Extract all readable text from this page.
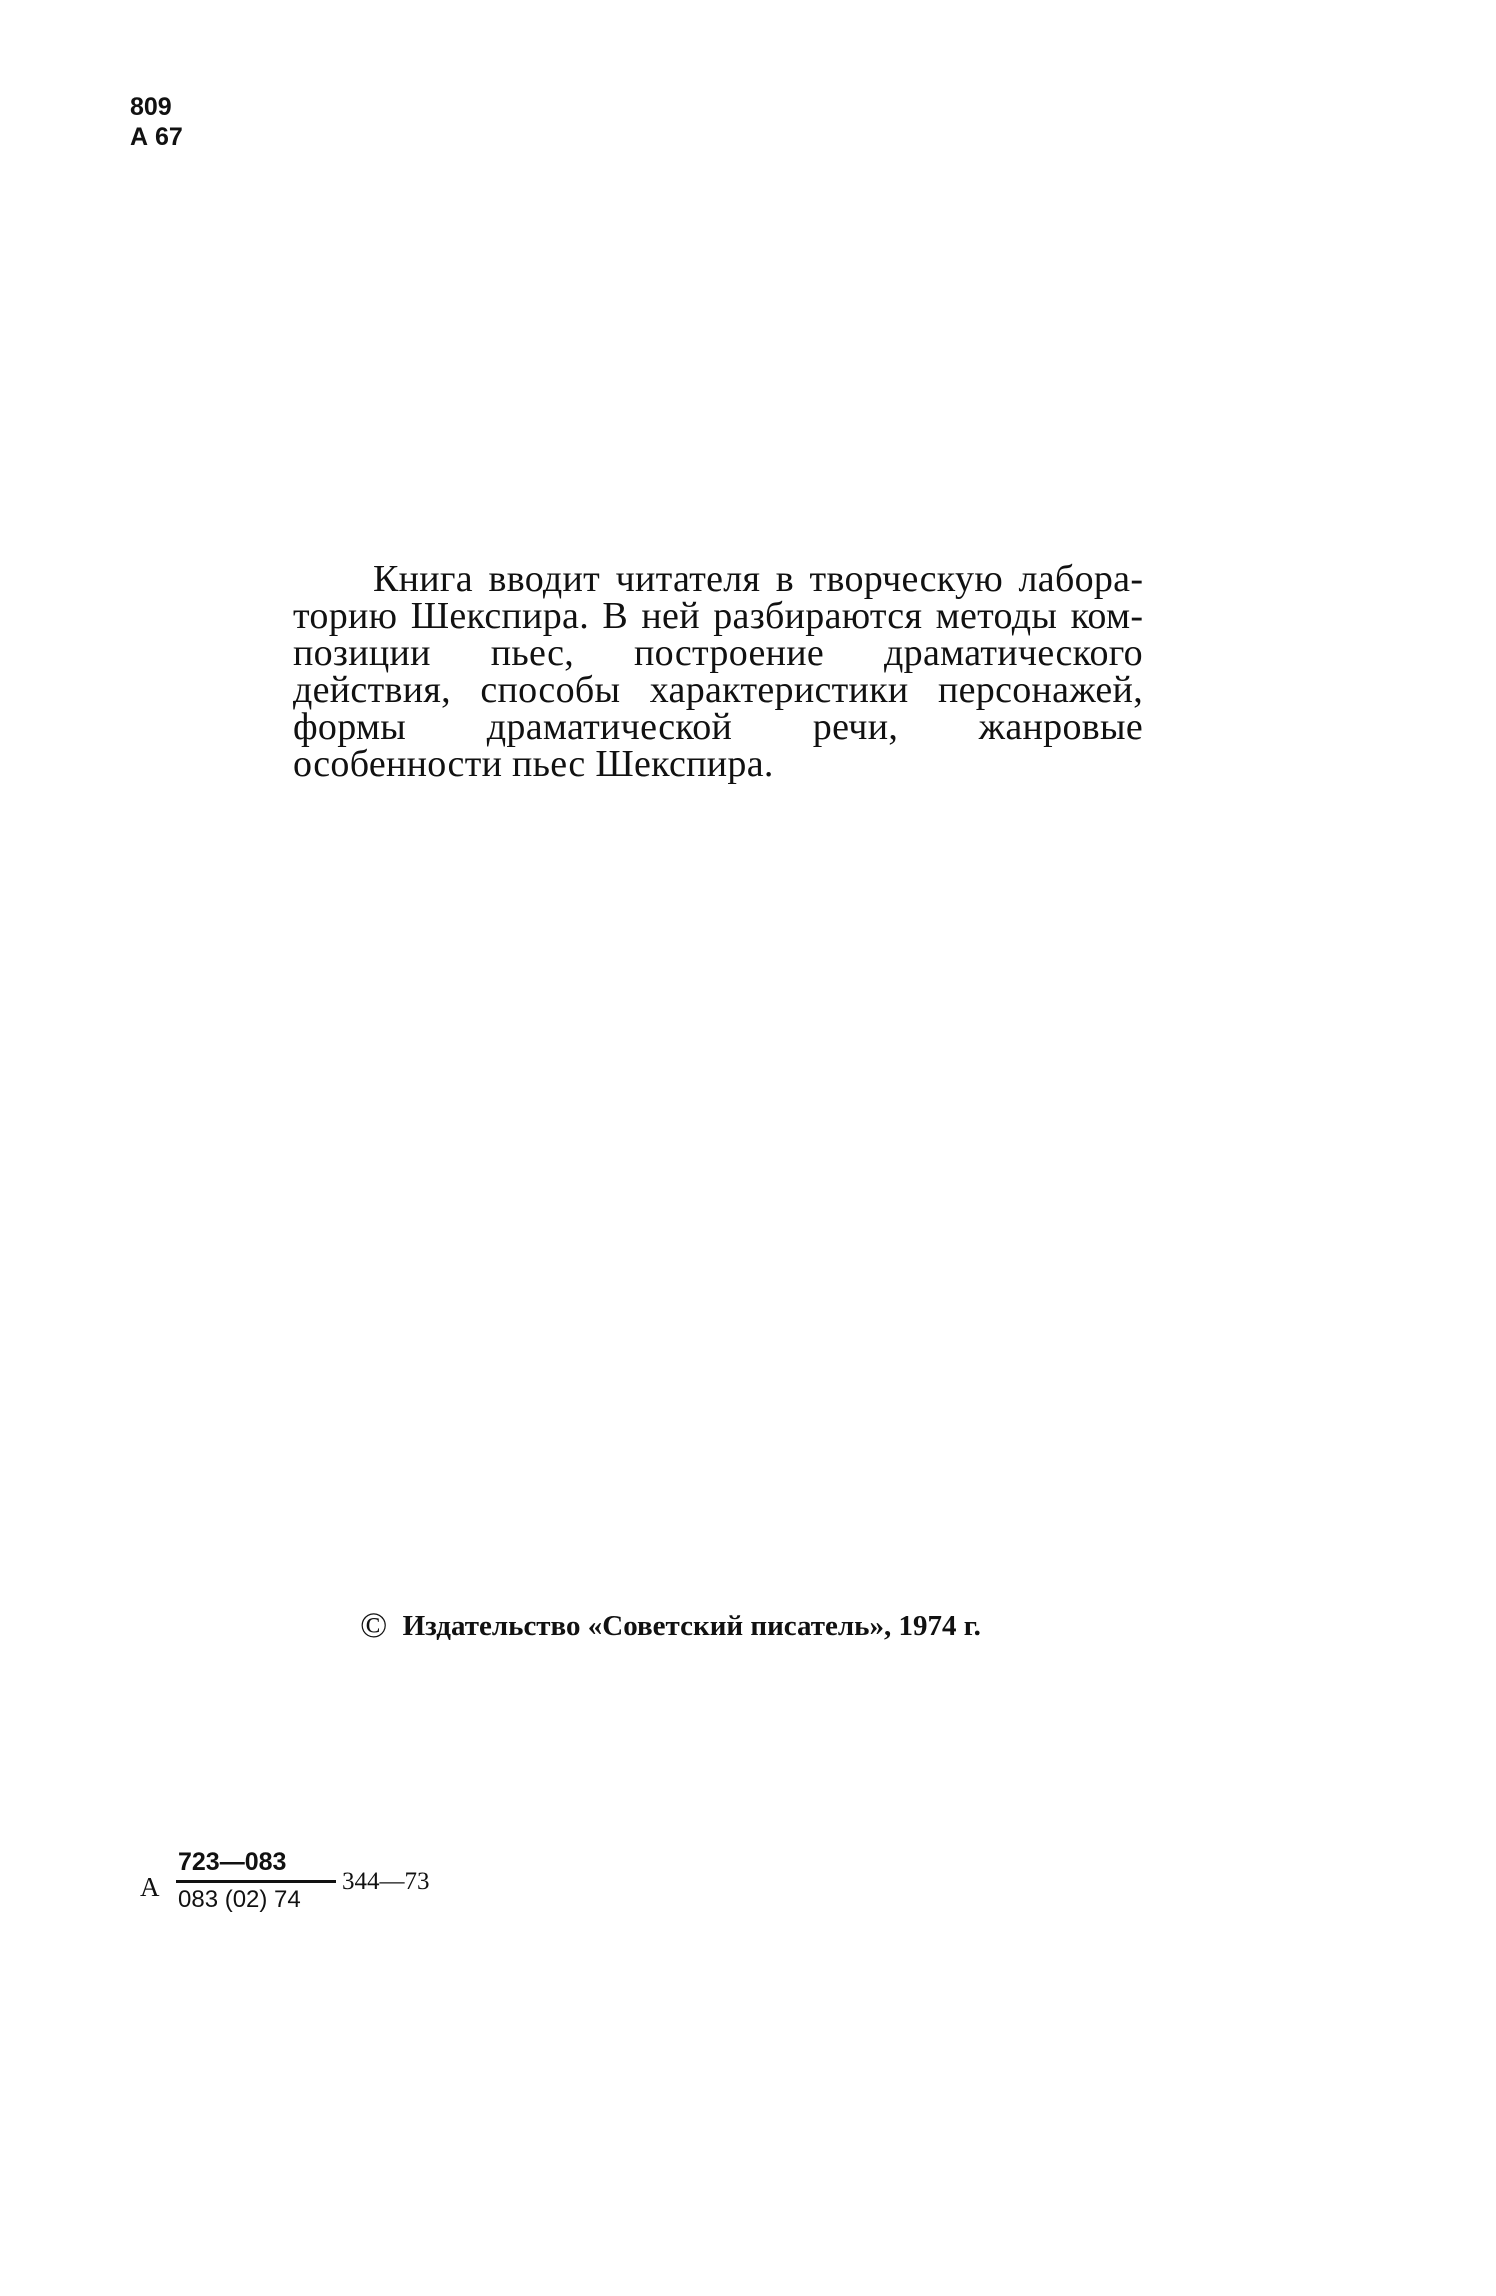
809
А 67

Книга вводит читателя в творческую лабораторию Шекспира. В ней разбираются методы композиции пьес, построение драматического действия, способы характеристики персонажей, формы драматической речи, жанровые особенности пьес Шекспира.

© Издательство «Советский писатель», 1974 г.
А
723—083
083 (02) 74
344—73
